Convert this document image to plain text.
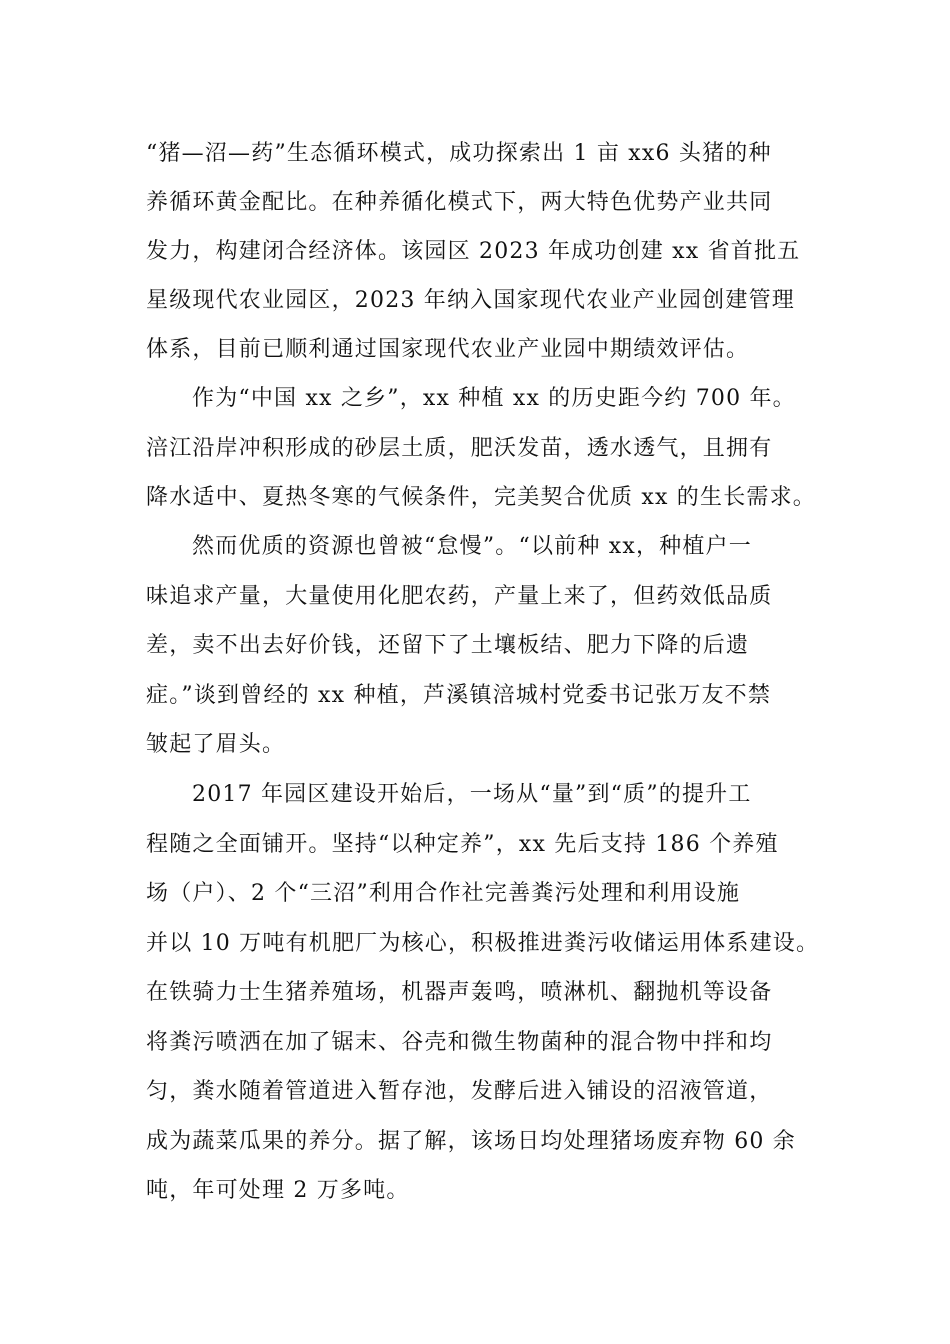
“猪—沼—药”生态循环模式，成功探索出 1 亩 xx6 头猪的种
养循环黄金配比。在种养循化模式下，两大特色优势产业共同
发力，构建闭合经济体。该园区 2023 年成功创建 xx 省首批五
星级现代农业园区，2023 年纳入国家现代农业产业园创建管理
体系，目前已顺利通过国家现代农业产业园中期绩效评估。
作为“中国 xx 之乡”，xx 种植 xx 的历史距今约 700 年。
涪江沿岸冲积形成的砂层土质，肥沃发苗，透水透气，且拥有
降水适中、夏热冬寒的气候条件，完美契合优质 xx 的生长需求。
然而优质的资源也曾被“怠慢”。“以前种 xx，种植户一
味追求产量，大量使用化肥农药，产量上来了，但药效低品质
差，卖不出去好价钱，还留下了土壤板结、肥力下降的后遗
症。”谈到曾经的 xx 种植，芦溪镇涪城村党委书记张万友不禁
皱起了眉头。
2017 年园区建设开始后，一场从“量”到“质”的提升工
程随之全面铺开。坚持“以种定养”，xx 先后支持 186 个养殖
场（户）、2 个“三沼”利用合作社完善粪污处理和利用设施
并以 10 万吨有机肥厂为核心，积极推进粪污收储运用体系建设。
在铁骑力士生猪养殖场，机器声轰鸣，喷淋机、翻抛机等设备
将粪污喷洒在加了锯末、谷壳和微生物菌种的混合物中拌和均
匀，粪水随着管道进入暂存池，发酵后进入铺设的沼液管道，
成为蔬菜瓜果的养分。据了解，该场日均处理猪场废弃物 60 余
吨，年可处理 2 万多吨。
